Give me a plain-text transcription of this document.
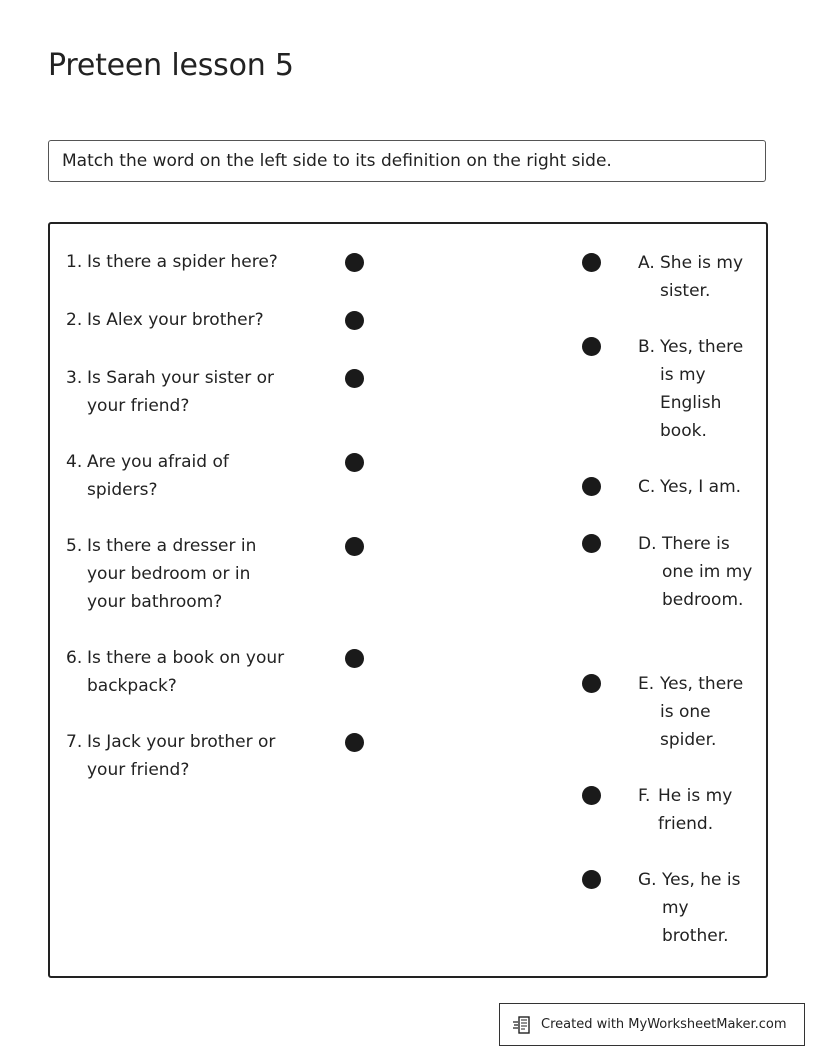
Preteen lesson 5
Match the word on the left side to its definition on the right side.
1. Is there a spider here?
2. Is Alex your brother?
3. Is Sarah your sister or your friend?
4. Are you afraid of spiders?
5. Is there a dresser in your bedroom or in your bathroom?
6. Is there a book on your backpack?
7. Is Jack your brother or your friend?
A. She is my sister.
B. Yes, there is my English book.
C. Yes, I am.
D. There is one im my bedroom.
E. Yes, there is one spider.
F. He is my friend.
G. Yes, he is my brother.
Created with MyWorksheetMaker.com
